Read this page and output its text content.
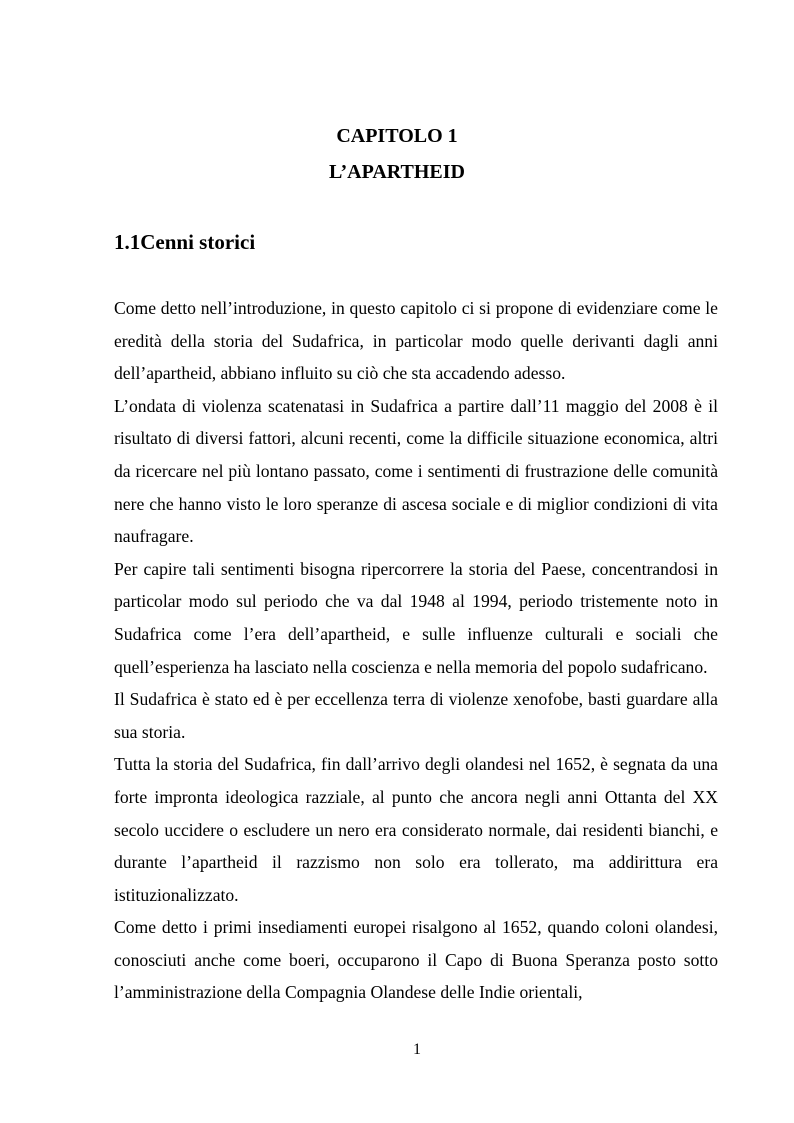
CAPITOLO 1
L’APARTHEID
1.1Cenni storici

Come detto nell’introduzione, in questo capitolo ci si propone di evidenziare come le eredità della storia del Sudafrica, in particolar modo quelle derivanti dagli anni dell’apartheid, abbiano influito su ciò che sta accadendo adesso.

L’ondata di violenza scatenatasi in Sudafrica a partire dall’11 maggio del 2008 è il risultato di diversi fattori, alcuni recenti, come la difficile situazione economica, altri da ricercare nel più lontano passato, come i sentimenti di frustrazione delle comunità nere che hanno visto le loro speranze di ascesa sociale e di miglior condizioni di vita naufragare.

Per capire tali sentimenti bisogna ripercorrere la storia del Paese, concentrandosi in particolar modo sul periodo che va dal 1948 al 1994, periodo tristemente noto in Sudafrica come l’era dell’apartheid, e sulle influenze culturali e sociali che quell’esperienza ha lasciato nella coscienza e nella memoria del popolo sudafricano.

Il Sudafrica è stato ed è per eccellenza terra di violenze xenofobe, basti guardare alla sua storia.

Tutta la storia del Sudafrica, fin dall’arrivo degli olandesi nel 1652, è segnata da una forte impronta ideologica razziale, al punto che ancora negli anni Ottanta del XX secolo uccidere o escludere un nero era considerato normale, dai residenti bianchi, e durante l’apartheid il razzismo non solo era tollerato, ma addirittura era istituzionalizzato.

Come detto i primi insediamenti europei risalgono al 1652, quando coloni olandesi, conosciuti anche come boeri, occuparono il Capo di Buona Speranza posto sotto l’amministrazione della Compagnia Olandese delle Indie orientali,

1
